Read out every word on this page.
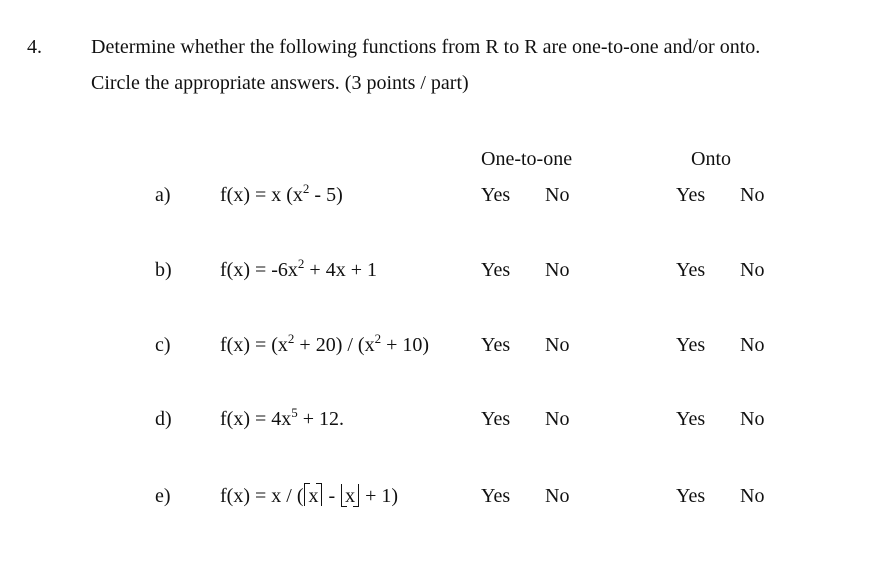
4. Determine whether the following functions from R to R are one-to-one and/or onto.
Circle the appropriate answers. (3 points / part)
One-to-one	Onto
a) f(x) = x $(x^2 - 5)$	Yes No	Yes No
b) $f(x) = -6x^2 + 4x + 1$	Yes No	Yes No
c) $f(x) = (x^2 + 20) / (x^2 + 10)$	Yes No	Yes No
d) $f(x) = 4x^5 + 12$.	Yes No	Yes No
e) f(x) = x / ( x - x + 1)	Yes No	Yes No
